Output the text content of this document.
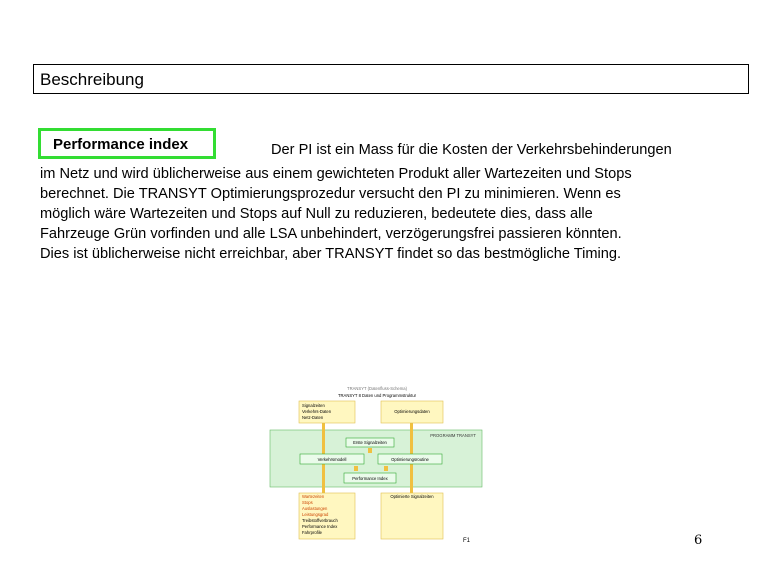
Beschreibung
Performance index	Der PI ist ein Mass für die Kosten der Verkehrsbehinderungen
im Netz und wird üblicherweise aus einem gewichteten Produkt aller Wartezeiten und Stops
berechnet. Die TRANSYT Optimierungsprozedur versucht den PI zu minimieren. Wenn es
möglich wäre Wartezeiten und Stops auf Null zu reduzieren, bedeutete dies, dass alle
Fahrzeuge Grün vorfinden und alle LSA unbehindert, verzögerungsfrei passieren könnten.
Dies ist üblicherweise nicht erreichbar, aber TRANSYT findet so das bestmögliche Timing.
TRANSYT (Datenfluss-Schema)
TRANSYT 8 Daten und Programmstruktur
Signalzeiten
Verkehrs-Daten
Netz-Daten
Optimierungsdaten
PROGRAMM TRANSYT
Erste Signalzeiten
Verkehrsmodell	Optimierungsroutine
Performance Index
Wartezeiten
Stops
Auslastungen
Leistungsgrad
Treibstoffverbrauch
Performance Index
Fahrprofile
Optimierte Signalzeiten
F1	6
